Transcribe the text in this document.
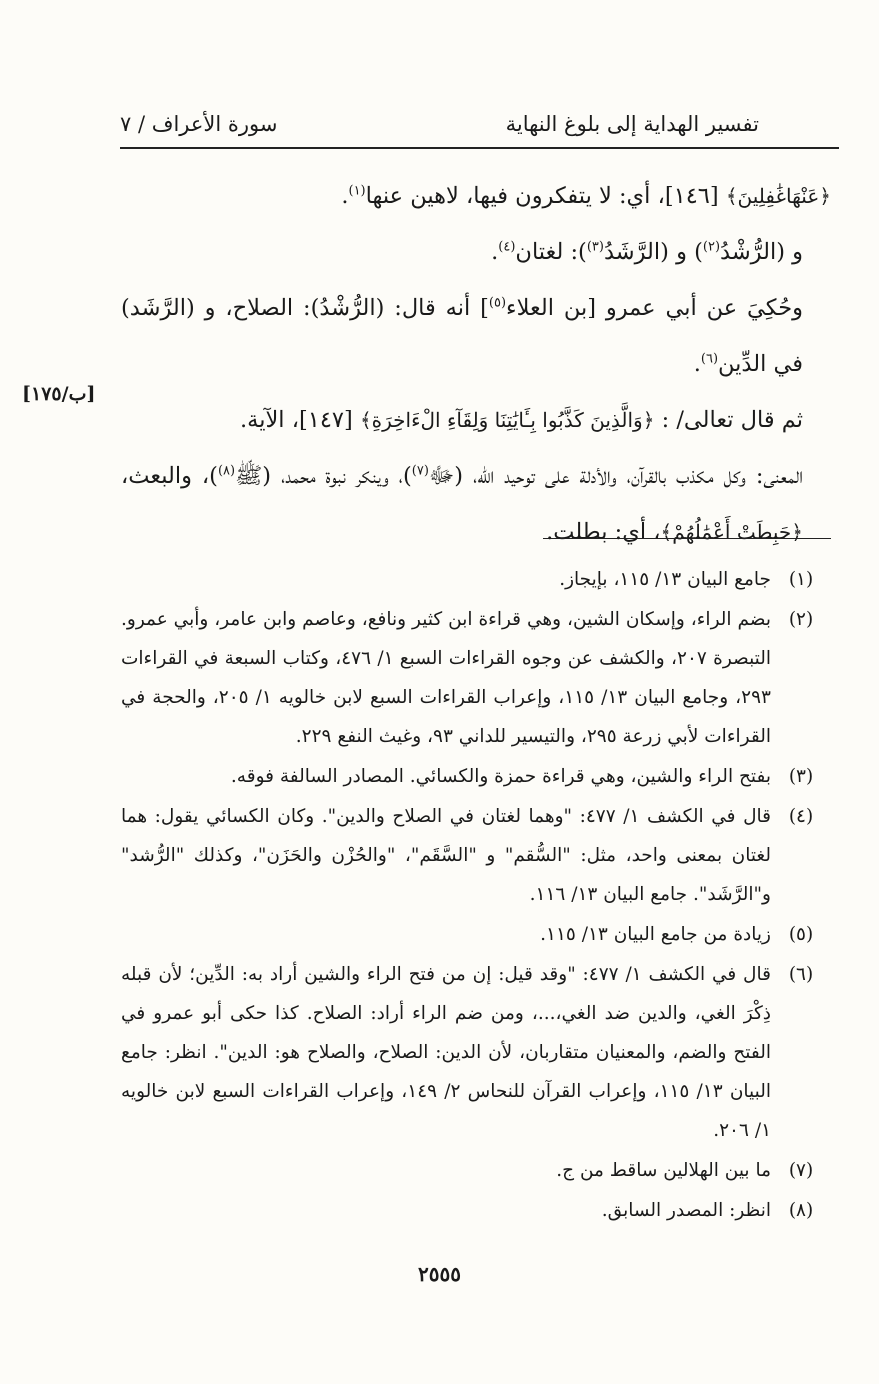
تفسير الهداية إلى بلوغ النهاية
سورة الأعراف / ٧
[ب/١٧٥]

﴿عَنْهَاغَٰفِلِينَ﴾ [١٤٦]، أي: لا يتفكرون فيها، لاهين عنها$^{(١)}$.

و (الرُّشْدُ$^{(٢)}$) و (الرَّشَدُ$^{(٣)}$): لغتان$^{(٤)}$.

وحُكِيَ عن أبي عمرو [بن العلاء$^{(٥)}$] أنه قال: (الرُّشْدُ): الصلاح، و (الرَّشَد) في الدِّين$^{(٦)}$.

ثم قال تعالى/ : ﴿وَالَّذِينَ كَذَّبُوا بِـَٔايَٰتِنَا وَلِقَآءِ الْءَاخِرَةِ﴾ [١٤٧]، الآية.

المعنى: وكل مكذب بالقرآن، والأدلة على توحيد الله، (ﷻ$^{(٧)}$)، وينكر نبوة محمد، (ﷺ$^{(٨)}$)، والبعث، ﴿حَبِطَتْ أَعْمَٰلُهُمْ﴾، أي: بطلت.

(١)
جامع البيان ١٣/ ١١٥، بإيجاز.
(٢)
بضم الراء، وإسكان الشين، وهي قراءة ابن كثير ونافع، وعاصم وابن عامر، وأبي عمرو. التبصرة ٢٠٧، والكشف عن وجوه القراءات السبع ١/ ٤٧٦، وكتاب السبعة في القراءات ٢٩٣، وجامع البيان ١٣/ ١١٥، وإعراب القراءات السبع لابن خالويه ١/ ٢٠٥، والحجة في القراءات لأبي زرعة ٢٩٥، والتيسير للداني ٩٣، وغيث النفع ٢٢٩.
(٣)
بفتح الراء والشين، وهي قراءة حمزة والكسائي. المصادر السالفة فوقه.
(٤)
قال في الكشف ١/ ٤٧٧: "وهما لغتان في الصلاح والدين". وكان الكسائي يقول: هما لغتان بمعنى واحد، مثل: "السُّقم" و "السَّقَم"، "والحُزْن والحَزَن"، وكذلك "الرُّشد" و"الرَّشَد". جامع البيان ١٣/ ١١٦.
(٥)
زيادة من جامع البيان ١٣/ ١١٥.
(٦)
قال في الكشف ١/ ٤٧٧: "وقد قيل: إن من فتح الراء والشين أراد به: الدِّين؛ لأن قبله ذِكْرَ الغي، والدين ضد الغي،...، ومن ضم الراء أراد: الصلاح. كذا حكى أبو عمرو في الفتح والضم، والمعنيان متقاربان، لأن الدين: الصلاح، والصلاح هو: الدين". انظر: جامع البيان ١٣/ ١١٥، وإعراب القرآن للنحاس ٢/ ١٤٩، وإعراب القراءات السبع لابن خالويه ١/ ٢٠٦.
(٧)
ما بين الهلالين ساقط من ج.
(٨)
انظر: المصدر السابق.
٢٥٥٥
